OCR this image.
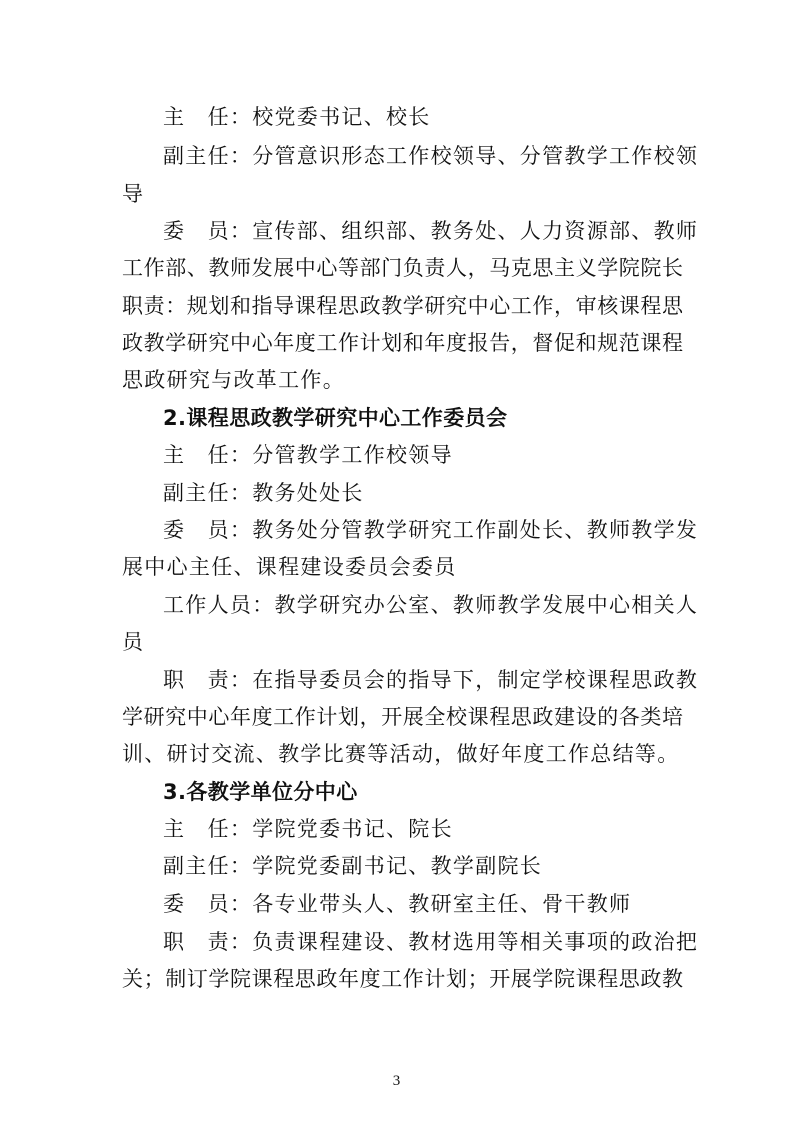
主　任：校党委书记、校长
副主任：分管意识形态工作校领导、分管教学工作校领
导
委　员：宣传部、组织部、教务处、人力资源部、教师
工作部、教师发展中心等部门负责人，马克思主义学院院长
职责：规划和指导课程思政教学研究中心工作，审核课程思
政教学研究中心年度工作计划和年度报告，督促和规范课程
思政研究与改革工作。
2.课程思政教学研究中心工作委员会
主　任：分管教学工作校领导
副主任：教务处处长
委　员：教务处分管教学研究工作副处长、教师教学发
展中心主任、课程建设委员会委员
工作人员：教学研究办公室、教师教学发展中心相关人
员
职　责：在指导委员会的指导下，制定学校课程思政教
学研究中心年度工作计划，开展全校课程思政建设的各类培
训、研讨交流、教学比赛等活动，做好年度工作总结等。
3.各教学单位分中心
主　任：学院党委书记、院长
副主任：学院党委副书记、教学副院长
委　员：各专业带头人、教研室主任、骨干教师
职　责：负责课程建设、教材选用等相关事项的政治把
关；制订学院课程思政年度工作计划；开展学院课程思政教
3
